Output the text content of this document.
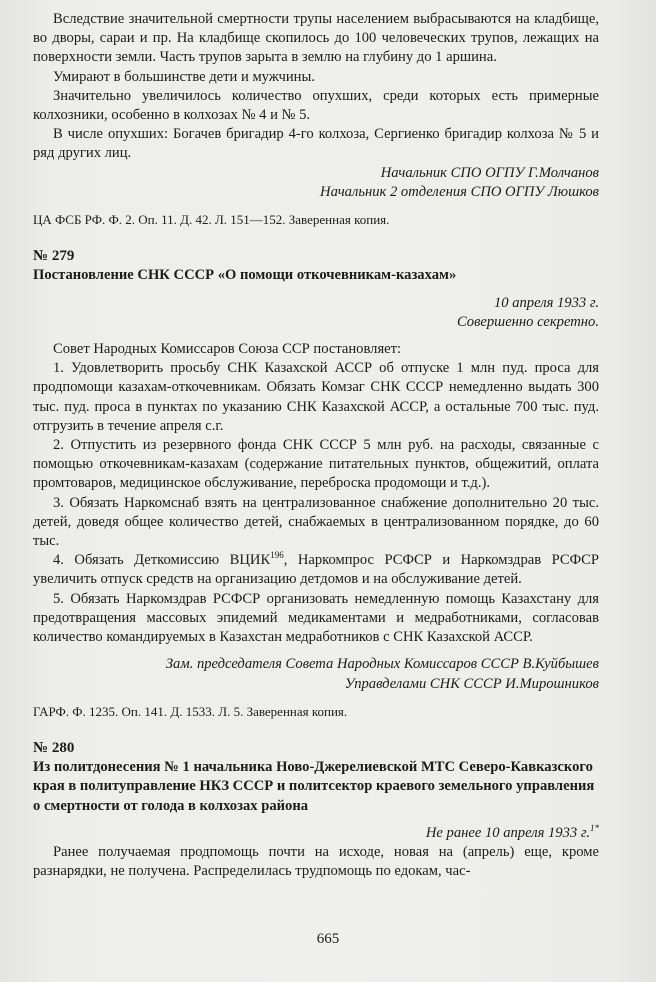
Вследствие значительной смертности трупы населением выбрасываются на кладбище, во дворы, сараи и пр. На кладбище скопилось до 100 человеческих трупов, лежащих на поверхности земли. Часть трупов зарыта в землю на глубину до 1 аршина.

Умирают в большинстве дети и мужчины.

Значительно увеличилось количество опухших, среди которых есть примерные колхозники, особенно в колхозах № 4 и № 5.

В числе опухших: Богачев бригадир 4-го колхоза, Сергиенко бригадир колхоза № 5 и ряд других лиц.

Начальник СПО ОГПУ Г.Молчанов

Начальник 2 отделения СПО ОГПУ Люшков

ЦА ФСБ РФ. Ф. 2. Оп. 11. Д. 42. Л. 151—152. Заверенная копия.

№ 279

Постановление СНК СССР «О помощи откочевникам-казахам»

10 апреля 1933 г.

Совершенно секретно.

Совет Народных Комиссаров Союза ССР постановляет:

1. Удовлетворить просьбу СНК Казахской АССР об отпуске 1 млн пуд. проса для продпомощи казахам-откочевникам. Обязать Комзаг СНК СССР немедленно выдать 300 тыс. пуд. проса в пунктах по указанию СНК Казахской АССР, а остальные 700 тыс. пуд. отгрузить в течение апреля с.г.

2. Отпустить из резервного фонда СНК СССР 5 млн руб. на расходы, связанные с помощью откочевникам-казахам (содержание питательных пунктов, общежитий, оплата промтоваров, медицинское обслуживание, переброска продомощи и т.д.).

3. Обязать Наркомснаб взять на централизованное снабжение дополнительно 20 тыс. детей, доведя общее количество детей, снабжаемых в централизованном порядке, до 60 тыс.

4. Обязать Деткомиссию ВЦИК$^{196}$, Наркомпрос РСФСР и Наркомздрав РСФСР увеличить отпуск средств на организацию детдомов и на обслуживание детей.

5. Обязать Наркомздрав РСФСР организовать немедленную помощь Казахстану для предотвращения массовых эпидемий медикаментами и медработниками, согласовав количество командируемых в Казахстан медработников с СНК Казахской АССР.

Зам. председателя Совета Народных Комиссаров СССР В.Куйбышев

Управделами СНК СССР И.Мирошников

ГАРФ. Ф. 1235. Оп. 141. Д. 1533. Л. 5. Заверенная копия.

№ 280

Из политдонесения № 1 начальника Ново-Джерелиевской МТС Северо-Кавказского края в политуправление НКЗ СССР и политсектор краевого земельного управления о смертности от голода в колхозах района

Не ранее 10 апреля 1933 г.$^{1*}$

Ранее получаемая продпомощь почти на исходе, новая на (апрель) еще, кроме разнарядки, не получена. Распределилась трудпомощь по едокам, час-

665
